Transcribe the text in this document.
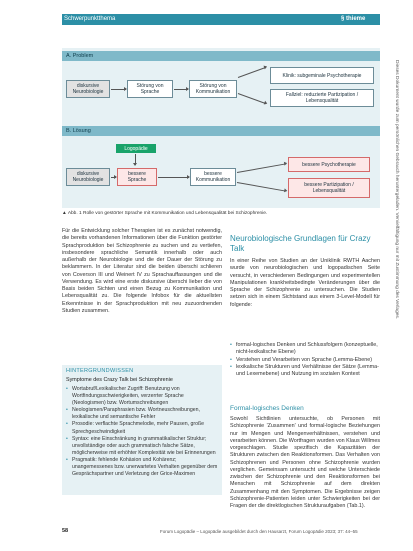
Schwerpunktthema	§ thieme
A. Problem
diskursive Neurobiologie
Störung von Sprache
Störung von Kommunikation
Klinik: subgeminale Psychotherapie
Fallziel: reduzierte Partizipation / Lebensqualität
B. Lösung
Logopädie
diskursive Neurobiologie
bessere Sprache
bessere Kommunikation
bessere Psychotherapie
bessere Partizipation / Lebensqualität
▲ Abb. 1 Rolle von gestörter Sprache mit Kommunikation und Lebensqualität bei Schizophrenie.

Für die Entwicklung solcher Therapien ist es zunächst notwendig, die bereits vorhandenen Informationen über die Funktion gestörter Sprachproduktion bei Schizophrenie zu suchen und zu vertiefen, insbesondere sprachliche Semantik innerhalb oder auch außerhalb der Neurobiologie und die der Dauer der Störung zu beklammern. In der Literatur sind die beiden überschi schlieren von Coverson III und Weinert IV zu Sprachauffassungen und die Verwendung. Es wird eine erste diskursive überschi lieber die von Basis beiden Sichten und einen Bezug zu Kommunikation und Lebensqualität zu. Die folgende Infobox für die aktuellsten Erkenntnisse in der Sprachproduktion mit neu zuzuordnenden Studien zusammen.

HINTERGRUNDWISSEN
Symptome des Crazy Talk bei Schizophrenie
• Wortabruf/Lexikalischer Zugriff: Benutzung von Wortfindungsschwierigkeiten, verzerrter Sprache (Neologismen) bzw. Wortumschreibungen
• Neologismen/Paraphrasien bzw. Wortneuschreibungen, lexikalische und semantische Fehler
• Prosodie: verflachte Sprachmelodie, mehr Pausen, große Sprechgeschwindigkeit
• Syntax: eine Einschränkung in grammatikalischer Struktur; unvollständige oder auch grammatisch falsche Sätze, möglicherweise mit erhöhter Komplexität wie bei Erinnerungen
• Pragmatik: fehlende Kohäsion und Kohärenz; unangemessenes bzw. unerwartetes Verhalten gegenüber dem Gesprächspartner und Verletzung der Grice-Maximen
Neurobiologische Grundlagen für Crazy Talk

In einer Reihe von Studien an der Uniklinik RWTH Aachen wurde von neurobiologischen und logopadischen Seite versucht, in verschiedenen Bedingungen und experimentellen Manipulationen krankheitsbedingte Veränderungen über die Sprache der Schizophrenie zu untersuchen. Die Studien setzen sich in einem Sichtstand aus einem 3-Level-Modell für folgende:

• formal-logisches Denken und Schlussfolgern (konzeptuelle, nicht-lexikalische Ebene)
• Verstehen und Verarbeiten von Sprache (Lemma-Ebene)
• lexikalische Strukturen und Verhältnisse der Sätze (Lemma- und Lexemebene) und Nutzung im sozialen Kontext
Formal-logisches Denken

Sowohl Sichtlinien untersuchte, ob Personen mit Schizophrenie 'Zusammen' und formal-logische Beziehungen nur im Mengen und Mengenverhältnissen, verstehen und verarbeiten können. Die Wortfragen wurden von Klaus Willmes vorgeschlagen. Studie spezifisch die Kapazitäten der Strukturen zwischen den Reaktionsformen. Das Verhalten von Schizophrenen und Personen ohne Schizophrenie wurden verglichen. Gemeinsam untersucht und welche Unterschiede zwischen der Schizophrenie und den Reaktionsformen bei Menschen mit Schizophrenie auf dem direkten Zusammenhang mit den Symptomen. Die Ergebnisse zeigen Schizophrenie-Patienten leiden unter Schwierigkeiten bei der Fragen der die direktlogischen Strukturaufgaben (Tab.1).

58	Forum Logopädie – Logopädie ausgebildet durch den Hausarzt, Forum Logopädie 2023; 37: 44–55
Dieses Dokument wurde zum persönlichen Gebrauch heruntergeladen. Vervielfältigung nur mit Zustimmung des Verlages.
